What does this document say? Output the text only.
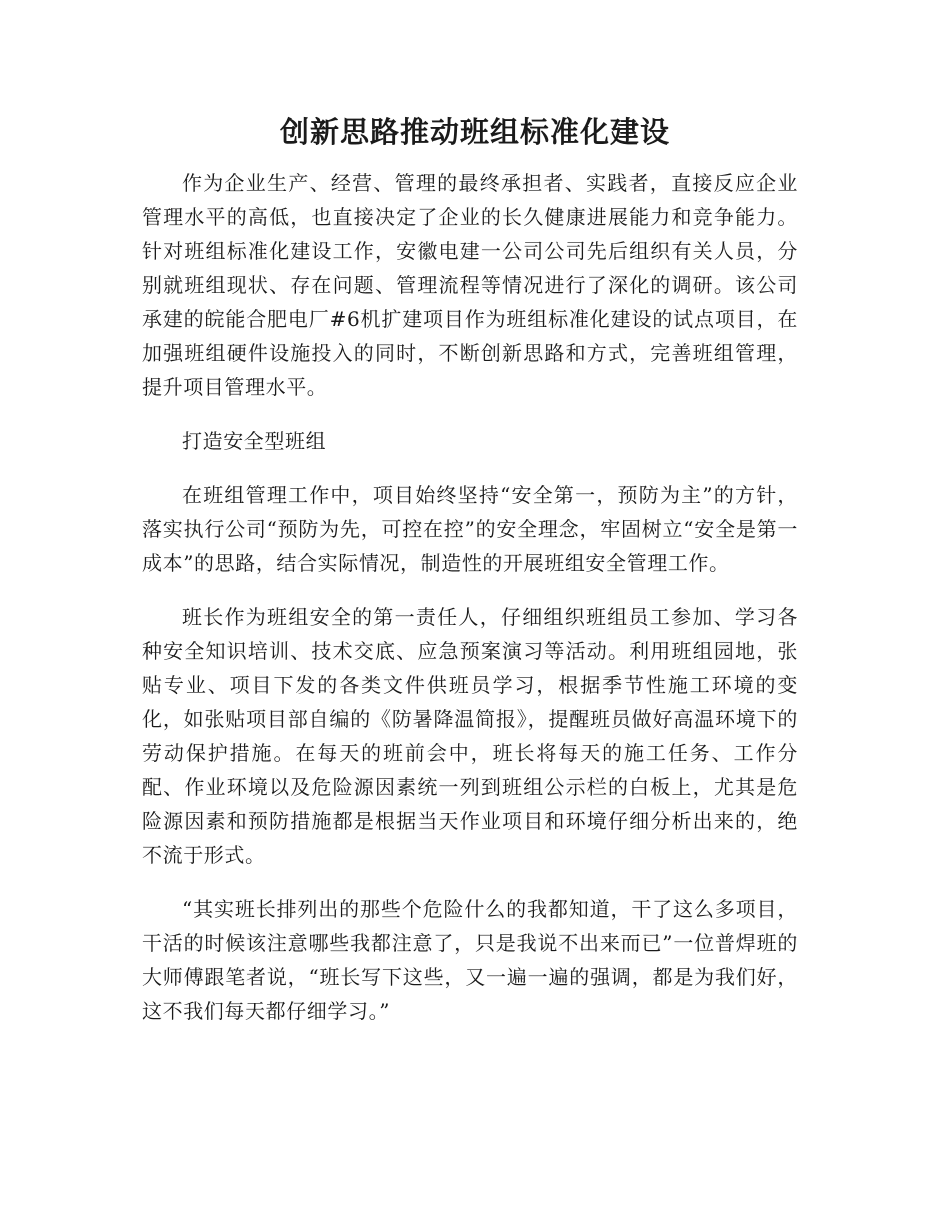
创新思路推动班组标准化建设

作为企业生产、经营、管理的最终承担者、实践者，直接反应企业管理水平的高低，也直接决定了企业的长久健康进展能力和竞争能力。针对班组标准化建设工作，安徽电建一公司公司先后组织有关人员，分别就班组现状、存在问题、管理流程等情况进行了深化的调研。该公司承建的皖能合肥电厂#6机扩建项目作为班组标准化建设的试点项目，在加强班组硬件设施投入的同时，不断创新思路和方式，完善班组管理，提升项目管理水平。

打造安全型班组

在班组管理工作中，项目始终坚持“安全第一，预防为主”的方针，落实执行公司“预防为先，可控在控”的安全理念，牢固树立“安全是第一成本”的思路，结合实际情况，制造性的开展班组安全管理工作。

班长作为班组安全的第一责任人，仔细组织班组员工参加、学习各种安全知识培训、技术交底、应急预案演习等活动。利用班组园地，张贴专业、项目下发的各类文件供班员学习，根据季节性施工环境的变化，如张贴项目部自编的《防暑降温简报》，提醒班员做好高温环境下的劳动保护措施。在每天的班前会中，班长将每天的施工任务、工作分配、作业环境以及危险源因素统一列到班组公示栏的白板上，尤其是危险源因素和预防措施都是根据当天作业项目和环境仔细分析出来的，绝不流于形式。

“其实班长排列出的那些个危险什么的我都知道，干了这么多项目，干活的时候该注意哪些我都注意了，只是我说不出来而已”一位普焊班的大师傅跟笔者说，“班长写下这些，又一遍一遍的强调，都是为我们好，这不我们每天都仔细学习。”
